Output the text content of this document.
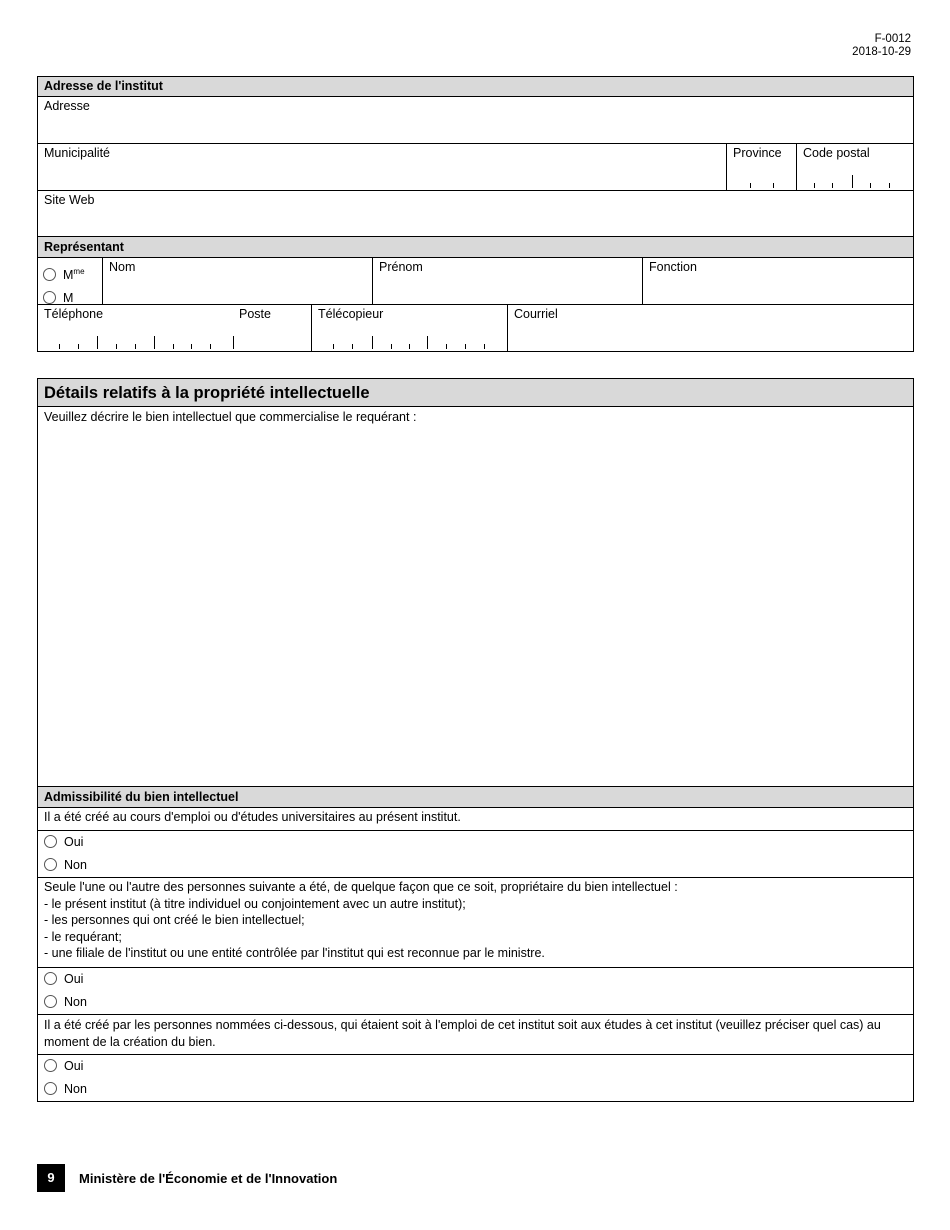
F-0012
2018-10-29
Adresse de l'institut
Adresse
Municipalité	Province	Code postal
Site Web
Représentant
$M^{me}$
M
Nom	Prénom	Fonction
Téléphone	Poste	Télécopieur	Courriel
Détails relatifs à la propriété intellectuelle
Veuillez décrire le bien intellectuel que commercialise le requérant :
Admissibilité du bien intellectuel
Il a été créé au cours d'emploi ou d'études universitaires au présent institut.
Oui
Non
Seule l'une ou l'autre des personnes suivante a été, de quelque façon que ce soit, propriétaire du bien intellectuel :
- le présent institut (à titre individuel ou conjointement avec un autre institut);
- les personnes qui ont créé le bien intellectuel;
- le requérant;
- une filiale de l'institut ou une entité contrôlée par l'institut qui est reconnue par le ministre.
Oui
Non
Il a été créé par les personnes nommées ci-dessous, qui étaient soit à l'emploi de cet institut soit aux études à cet institut (veuillez préciser quel cas) au moment de la création du bien.
Oui
Non
9	Ministère de l'Économie et de l'Innovation
